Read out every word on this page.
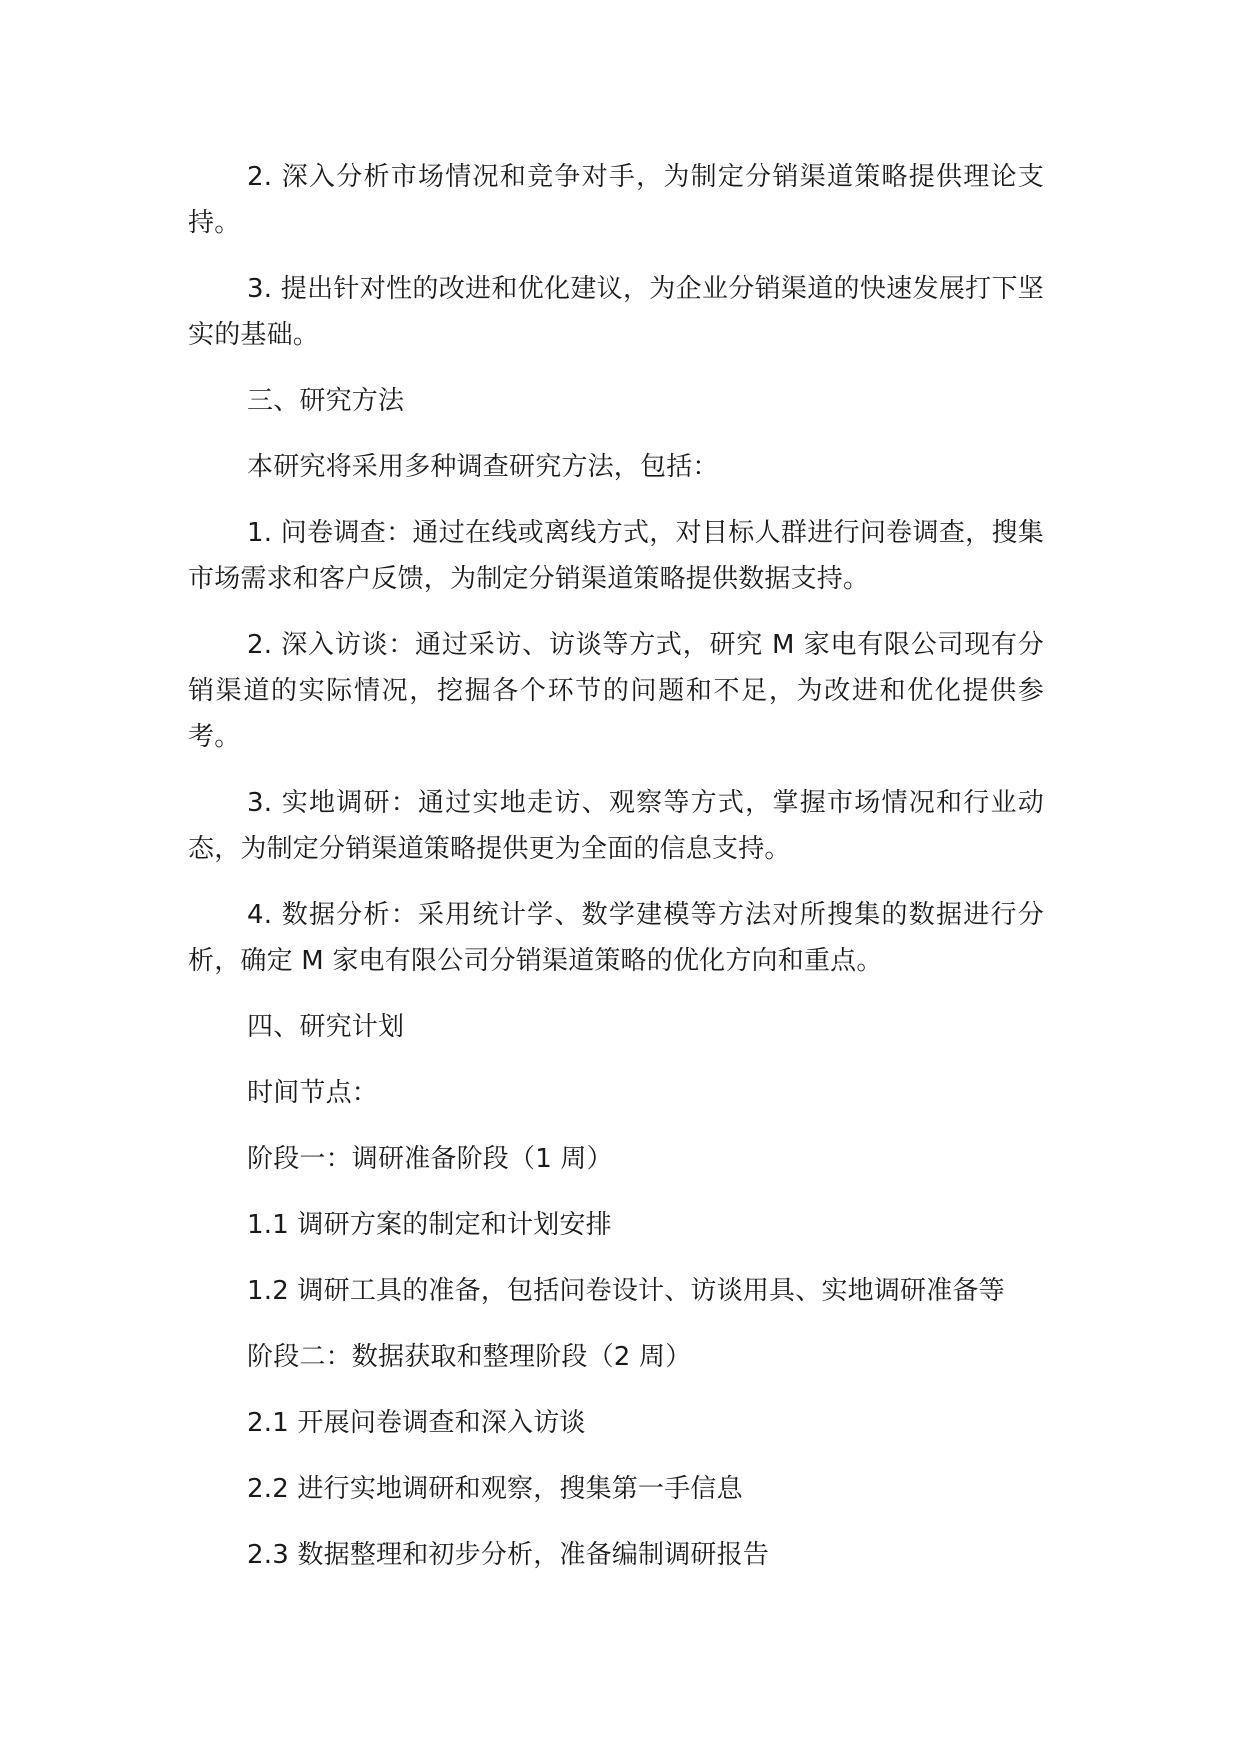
2. 深入分析市场情况和竞争对手，为制定分销渠道策略提供理论支持。

3. 提出针对性的改进和优化建议，为企业分销渠道的快速发展打下坚实的基础。

三、研究方法

本研究将采用多种调查研究方法，包括：

1. 问卷调查：通过在线或离线方式，对目标人群进行问卷调查，搜集市场需求和客户反馈，为制定分销渠道策略提供数据支持。

2. 深入访谈：通过采访、访谈等方式，研究 M 家电有限公司现有分销渠道的实际情况，挖掘各个环节的问题和不足，为改进和优化提供参考。

3. 实地调研：通过实地走访、观察等方式，掌握市场情况和行业动态，为制定分销渠道策略提供更为全面的信息支持。

4. 数据分析：采用统计学、数学建模等方法对所搜集的数据进行分析，确定 M 家电有限公司分销渠道策略的优化方向和重点。

四、研究计划

时间节点：

阶段一：调研准备阶段（1 周）

1.1 调研方案的制定和计划安排

1.2 调研工具的准备，包括问卷设计、访谈用具、实地调研准备等

阶段二：数据获取和整理阶段（2 周）

2.1 开展问卷调查和深入访谈

2.2 进行实地调研和观察，搜集第一手信息

2.3 数据整理和初步分析，准备编制调研报告
